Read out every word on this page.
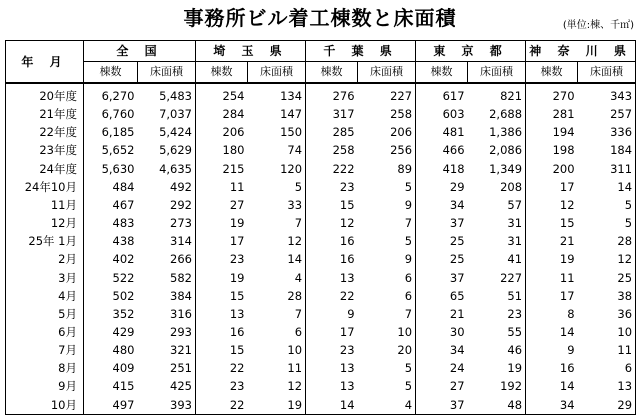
事務所ビル着工棟数と床面積	(単位:棟、千㎡)
年 月	全 国		埼 玉 県		千 葉 県		東 京 都		神 奈 川 県	
	棟数	床面積	棟数	床面積	棟数	床面積	棟数	床面積	棟数	床面積
20年度	6,270	5,483	254	134	276	227	617	821	270	343
21年度	6,760	7,037	284	147	317	258	603	2,688	281	257
22年度	6,185	5,424	206	150	285	206	481	1,386	194	336
23年度	5,652	5,629	180	74	258	256	466	2,086	198	184
24年度	5,630	4,635	215	120	222	89	418	1,349	200	311
24年10月	484	492	11	5	23	5	29	208	17	14
11月	467	292	27	33	15	9	34	57	12	5
12月	483	273	19	7	12	7	37	31	15	5
25年 1月	438	314	17	12	16	5	25	31	21	28
2月	402	266	23	14	16	9	25	41	19	12
3月	522	582	19	4	13	6	37	227	11	25
4月	502	384	15	28	22	6	65	51	17	38
5月	352	316	13	7	9	7	21	23	8	36
6月	429	293	16	6	17	10	30	55	14	10
7月	480	321	15	10	23	20	34	46	9	11
8月	409	251	22	11	13	5	24	19	16	6
9月	415	425	23	12	13	5	27	192	14	13
10月	497	393	22	19	14	4	37	48	34	29
